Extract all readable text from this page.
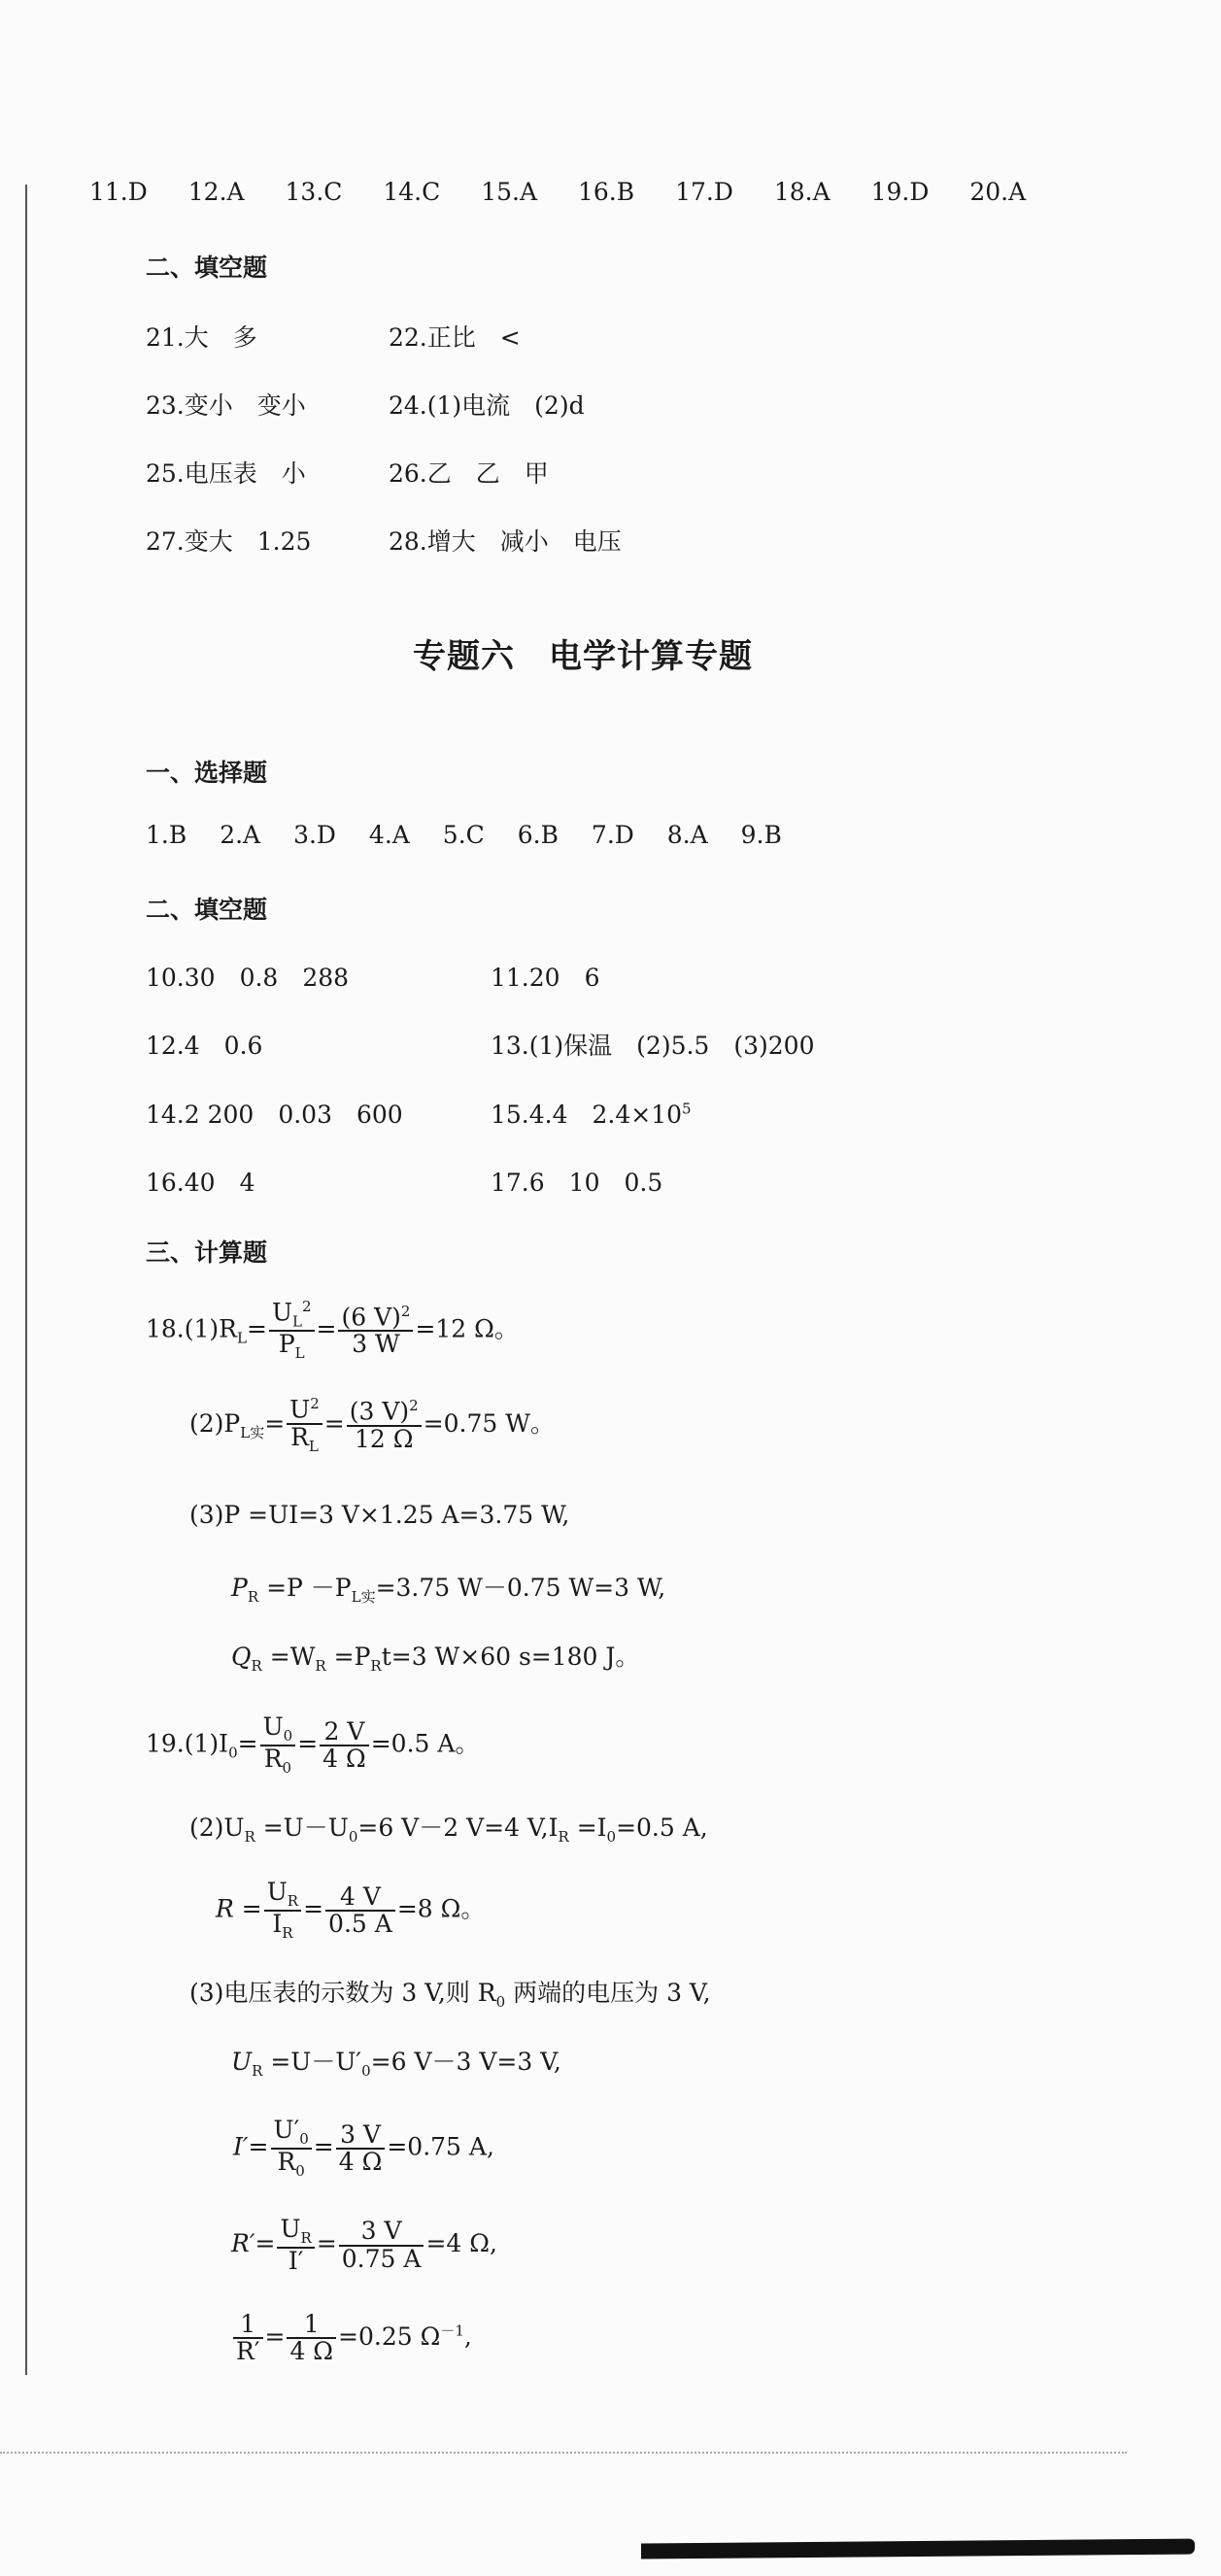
11.D 12.A 13.C 14.C 15.A 16.B 17.D 18.A 19.D 20.A
二、填空题
21.大　多	22.正比　<
23.变小　变小	24.(1)电流　(2)d
25.电压表　小	26.乙　乙　甲
27.变大　1.25	28.增大　减小　电压
专题六　电学计算专题
一、选择题
1.B 2.A 3.D 4.A 5.C 6.B 7.D 8.A 9.B
二、填空题
10.30　0.8　288	11.20　6
12.4　0.6	13.(1)保温　(2)5.5　(3)200
14.2 200　0.03　600	15.4.4　$2.4\times 10^5$
16.40　4	17.6　10　0.5
三、计算题
$18.(1)R_L= \frac{U_L^2}{P_L} = \frac{(6 V)^2}{3 W} =12$ Ω。
$(2)P_{L实}= \frac{U^2}{R_L} = \frac{(3 V)^2}{12 \Omega} =0.75$ W。
(3)P =UI=3 V×1.25 A=3.75 W,
$P_R =P -P_{L实}=3.75$ W－0.75 W=3 W,
$Q_R =W_R =P_Rt=3$ W×60 s=180 J。
$19.(1)I_0= \frac{U_0}{R_0} = \frac{2 V}{4 \Omega} =0.5$ A。
$(2)U_R =U-U_0=6$ V－2 V=4 $V,I_R =I_0=0.5$ A,
$R = \frac{U_R}{I_R} = \frac{4 V}{0.5 A} =8$ Ω。
(3)电压表的示数为 3 V,则 $R_0$ 两端的电压为 3 V,
$U_R =U-U'_0=6$ V－3 V=3 V,
$I'= \frac{U'_0}{R_0} = \frac{3 V}{4 \Omega} =0.75$ A,
$R'= \frac{U_R}{I'} = \frac{3 V}{0.75 A} =4$ Ω,
$\frac{1}{R'} = \frac{1}{4 \Omega} =0.25$ $\Omega^{-1}$,
